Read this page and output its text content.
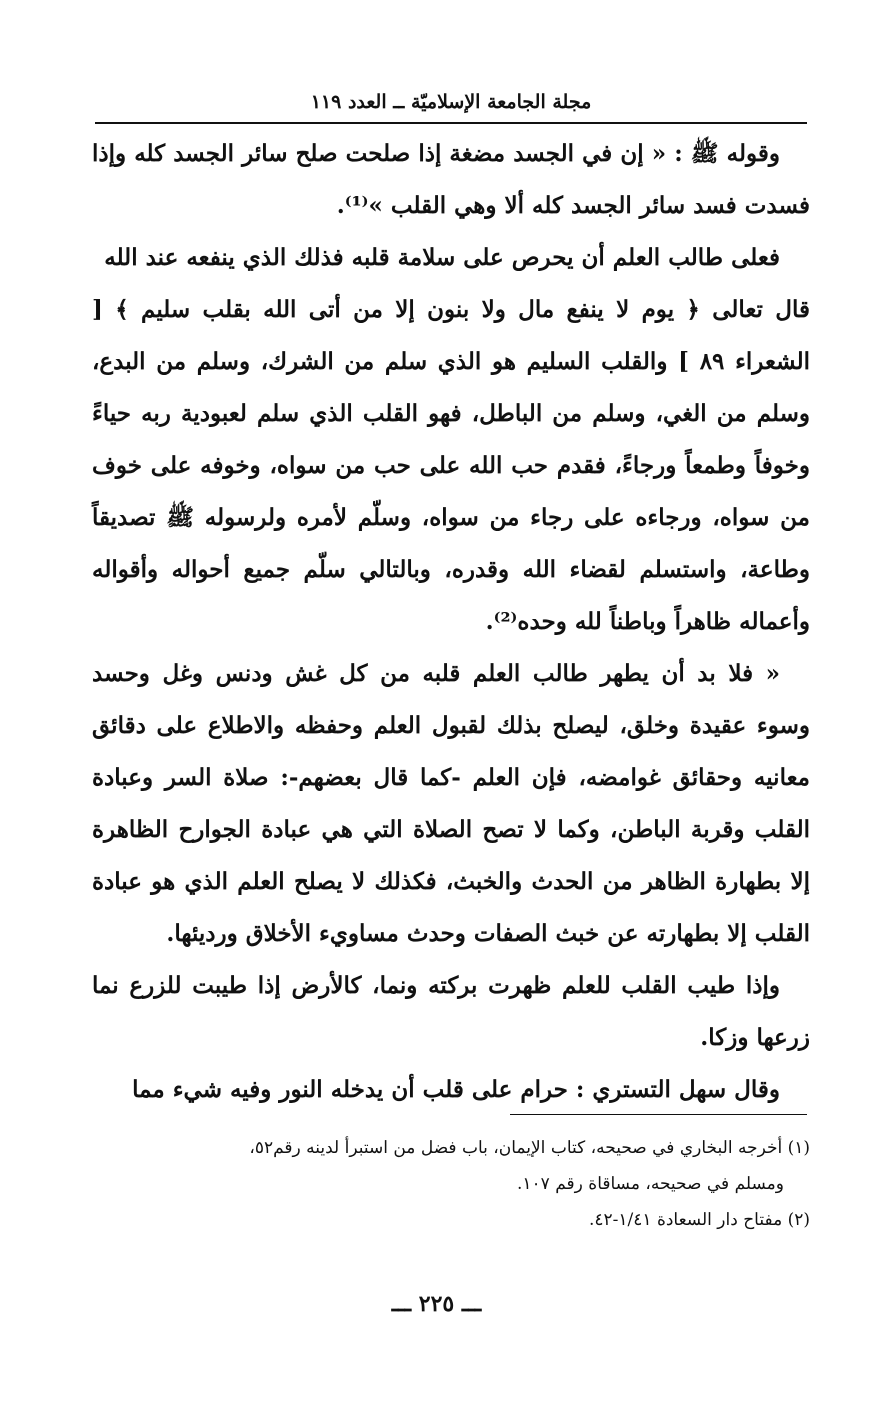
مجلة الجامعة الإسلاميّة ــ العدد ١١٩

وقوله ﷺ : « إن في الجسد مضغة إذا صلحت صلح سائر الجسد كله وإذا فسدت فسد سائر الجسد كله ألا وهي القلب »⁽¹⁾.

فعلى طالب العلم أن يحرص على سلامة قلبه فذلك الذي ينفعه عند الله

قال تعالى ﴿ يوم لا ينفع مال ولا بنون إلا من أتى الله بقلب سليم ﴾ [ الشعراء ٨٩ ] والقلب السليم هو الذي سلم من الشرك، وسلم من البدع، وسلم من الغي، وسلم من الباطل، فهو القلب الذي سلم لعبودية ربه حياءً وخوفاً وطمعاً ورجاءً، فقدم حب الله على حب من سواه، وخوفه على خوف من سواه، ورجاءه على رجاء من سواه، وسلّم لأمره ولرسوله ﷺ تصديقاً وطاعة، واستسلم لقضاء الله وقدره، وبالتالي سلّم جميع أحواله وأقواله وأعماله ظاهراً وباطناً لله وحده⁽²⁾.

« فلا بد أن يطهر طالب العلم قلبه من كل غش ودنس وغل وحسد وسوء عقيدة وخلق، ليصلح بذلك لقبول العلم وحفظه والاطلاع على دقائق معانيه وحقائق غوامضه، فإن العلم -كما قال بعضهم-: صلاة السر وعبادة القلب وقربة الباطن، وكما لا تصح الصلاة التي هي عبادة الجوارح الظاهرة إلا بطهارة الظاهر من الحدث والخبث، فكذلك لا يصلح العلم الذي هو عبادة القلب إلا بطهارته عن خبث الصفات وحدث مساويء الأخلاق ورديئها.

وإذا طيب القلب للعلم ظهرت بركته ونما، كالأرض إذا طيبت للزرع نما زرعها وزكا.

وقال سهل التستري : حرام على قلب أن يدخله النور وفيه شيء مما

(١) أخرجه البخاري في صحيحه، كتاب الإيمان، باب فضل من استبرأ لدينه رقم٥٢،

ومسلم في صحيحه، مساقاة رقم ١٠٧.

(٢) مفتاح دار السعادة ١/٤١-٤٢.

ـــ ٢٢٥ ـــ
